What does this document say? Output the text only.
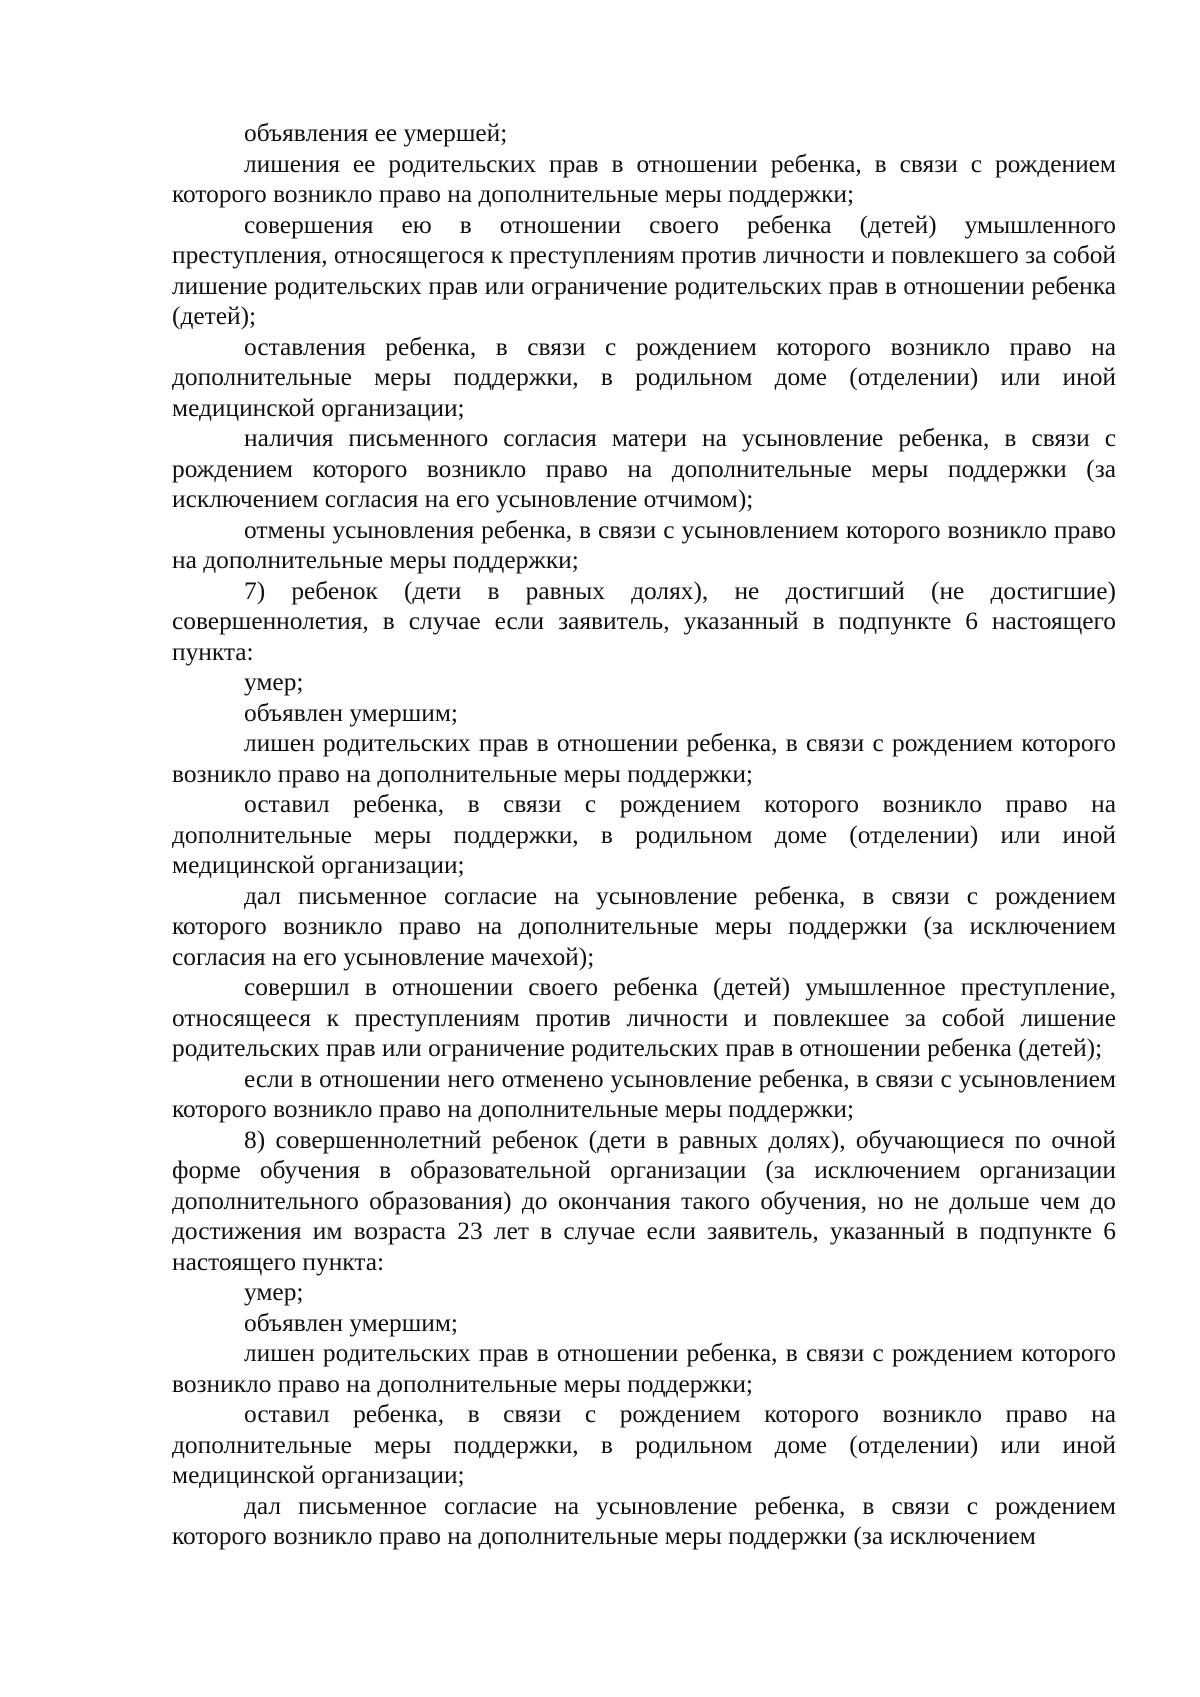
объявления ее умершей;

лишения ее родительских прав в отношении ребенка, в связи с рождением которого возникло право на дополнительные меры поддержки;

совершения ею в отношении своего ребенка (детей) умышленного преступления, относящегося к преступлениям против личности и повлекшего за собой лишение родительских прав или ограничение родительских прав в отношении ребенка (детей);

оставления ребенка, в связи с рождением которого возникло право на дополнительные меры поддержки, в родильном доме (отделении) или иной медицинской организации;

наличия письменного согласия матери на усыновление ребенка, в связи с рождением которого возникло право на дополнительные меры поддержки (за исключением согласия на его усыновление отчимом);

отмены усыновления ребенка, в связи с усыновлением которого возникло право на дополнительные меры поддержки;

7) ребенок (дети в равных долях), не достигший (не достигшие) совершеннолетия, в случае если заявитель, указанный в подпункте 6 настоящего пункта:

умер;

объявлен умершим;

лишен родительских прав в отношении ребенка, в связи с рождением которого возникло право на дополнительные меры поддержки;

оставил ребенка, в связи с рождением которого возникло право на дополнительные меры поддержки, в родильном доме (отделении) или иной медицинской организации;

дал письменное согласие на усыновление ребенка, в связи с рождением которого возникло право на дополнительные меры поддержки (за исключением согласия на его усыновление мачехой);

совершил в отношении своего ребенка (детей) умышленное преступление, относящееся к преступлениям против личности и повлекшее за собой лишение родительских прав или ограничение родительских прав в отношении ребенка (детей);

если в отношении него отменено усыновление ребенка, в связи с усыновлением которого возникло право на дополнительные меры поддержки;

8) совершеннолетний ребенок (дети в равных долях), обучающиеся по очной форме обучения в образовательной организации (за исключением организации дополнительного образования) до окончания такого обучения, но не дольше чем до достижения им возраста 23 лет в случае если заявитель, указанный в подпункте 6 настоящего пункта:

умер;

объявлен умершим;

лишен родительских прав в отношении ребенка, в связи с рождением которого возникло право на дополнительные меры поддержки;

оставил ребенка, в связи с рождением которого возникло право на дополнительные меры поддержки, в родильном доме (отделении) или иной медицинской организации;

дал письменное согласие на усыновление ребенка, в связи с рождением которого возникло право на дополнительные меры поддержки (за исключением
